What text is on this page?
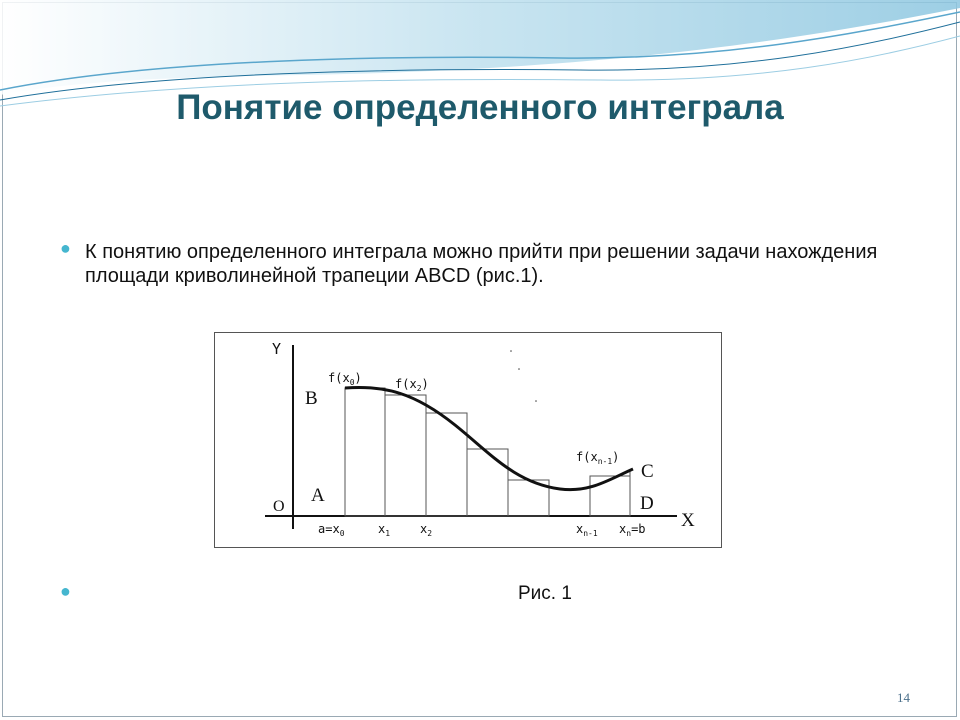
Понятие определенного интеграла
● К понятию определенного интеграла можно прийти при решении задачи нахождения площади криволинейной трапеции ABCD (рис.1).

Y
X
O
A
B
C
D
$f(x_0)$	$f(x_2)$
$f(x_{n-1})$
$a=x_0$	$x_1$ $x_2$	$x_{n-1}$ $x_n=b$
●	Рис. 1
14
